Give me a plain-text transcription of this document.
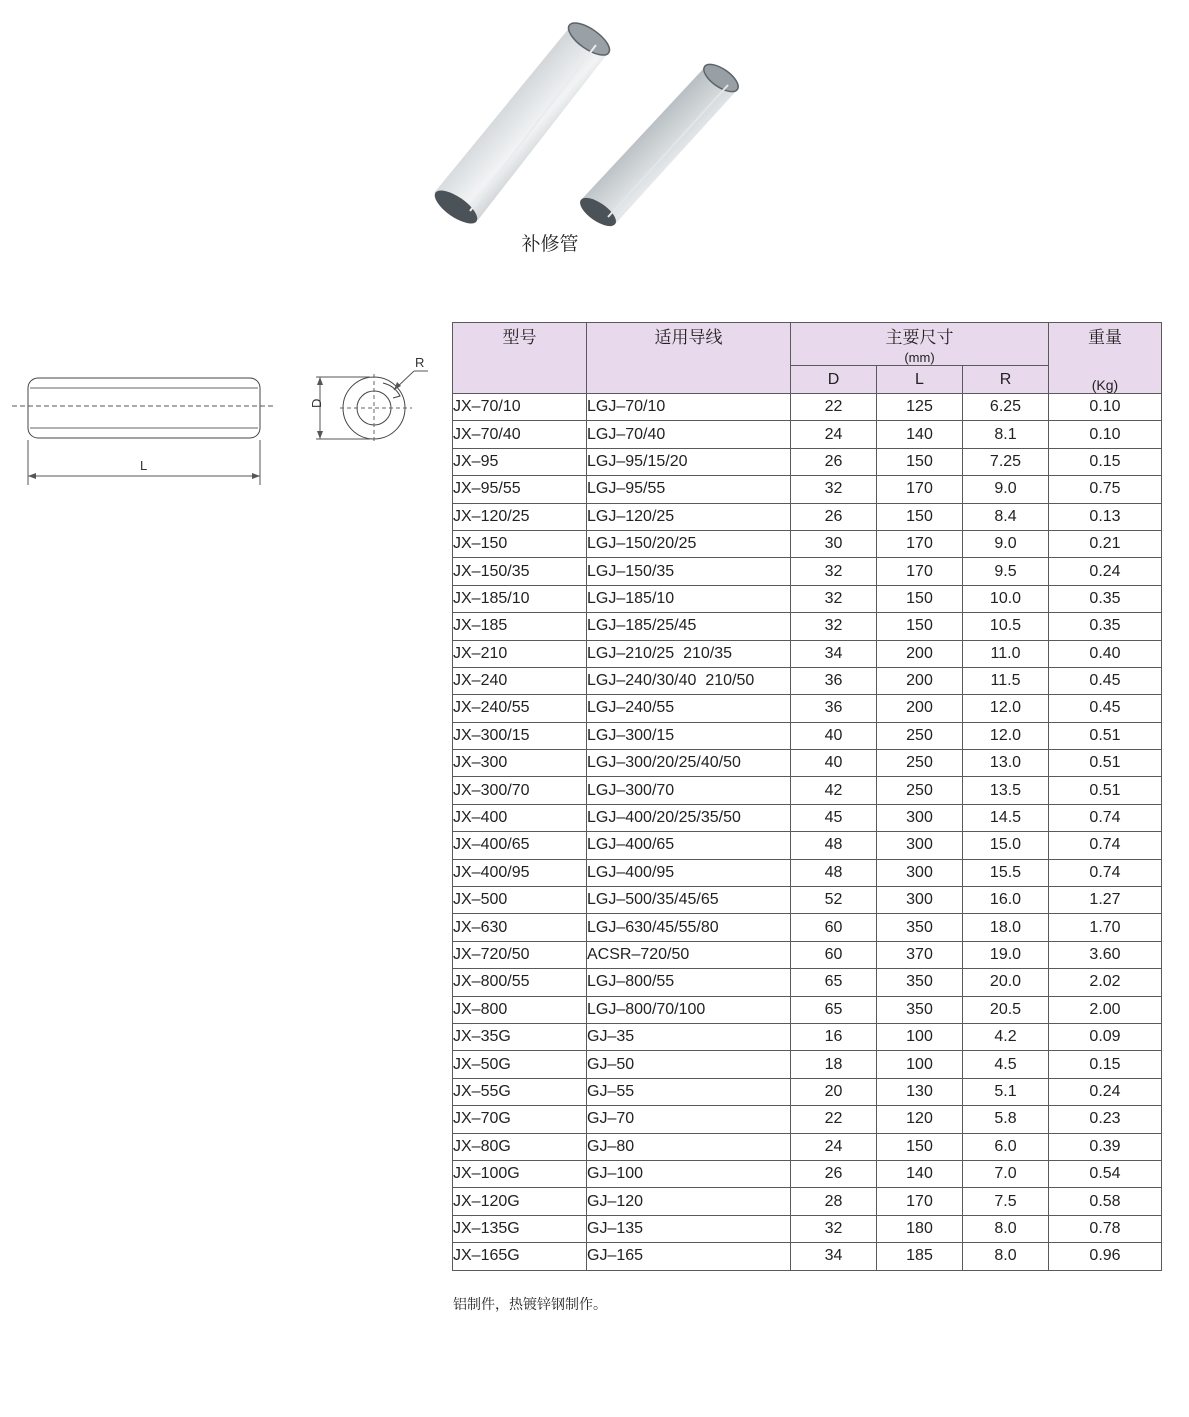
补修管
L
D
R
型号	适用导线	主要尺寸
(mm)			重量
(Kg)

		D	L	R	
JX–70/10	LGJ–70/10	22	125	6.25	0.10
JX–70/40	LGJ–70/40	24	140	8.1	0.10
JX–95	LGJ–95/15/20	26	150	7.25	0.15
JX–95/55	LGJ–95/55	32	170	9.0	0.75
JX–120/25	LGJ–120/25	26	150	8.4	0.13
JX–150	LGJ–150/20/25	30	170	9.0	0.21
JX–150/35	LGJ–150/35	32	170	9.5	0.24
JX–185/10	LGJ–185/10	32	150	10.0	0.35
JX–185	LGJ–185/25/45	32	150	10.5	0.35
JX–210	LGJ–210/25  210/35	34	200	11.0	0.40
JX–240	LGJ–240/30/40  210/50	36	200	11.5	0.45
JX–240/55	LGJ–240/55	36	200	12.0	0.45
JX–300/15	LGJ–300/15	40	250	12.0	0.51
JX–300	LGJ–300/20/25/40/50	40	250	13.0	0.51
JX–300/70	LGJ–300/70	42	250	13.5	0.51
JX–400	LGJ–400/20/25/35/50	45	300	14.5	0.74
JX–400/65	LGJ–400/65	48	300	15.0	0.74
JX–400/95	LGJ–400/95	48	300	15.5	0.74
JX–500	LGJ–500/35/45/65	52	300	16.0	1.27
JX–630	LGJ–630/45/55/80	60	350	18.0	1.70
JX–720/50	ACSR–720/50	60	370	19.0	3.60
JX–800/55	LGJ–800/55	65	350	20.0	2.02
JX–800	LGJ–800/70/100	65	350	20.5	2.00
JX–35G	GJ–35	16	100	4.2	0.09
JX–50G	GJ–50	18	100	4.5	0.15
JX–55G	GJ–55	20	130	5.1	0.24
JX–70G	GJ–70	22	120	5.8	0.23
JX–80G	GJ–80	24	150	6.0	0.39
JX–100G	GJ–100	26	140	7.0	0.54
JX–120G	GJ–120	28	170	7.5	0.58
JX–135G	GJ–135	32	180	8.0	0.78
JX–165G	GJ–165	34	185	8.0	0.96
铝制件，热镀锌钢制作。
